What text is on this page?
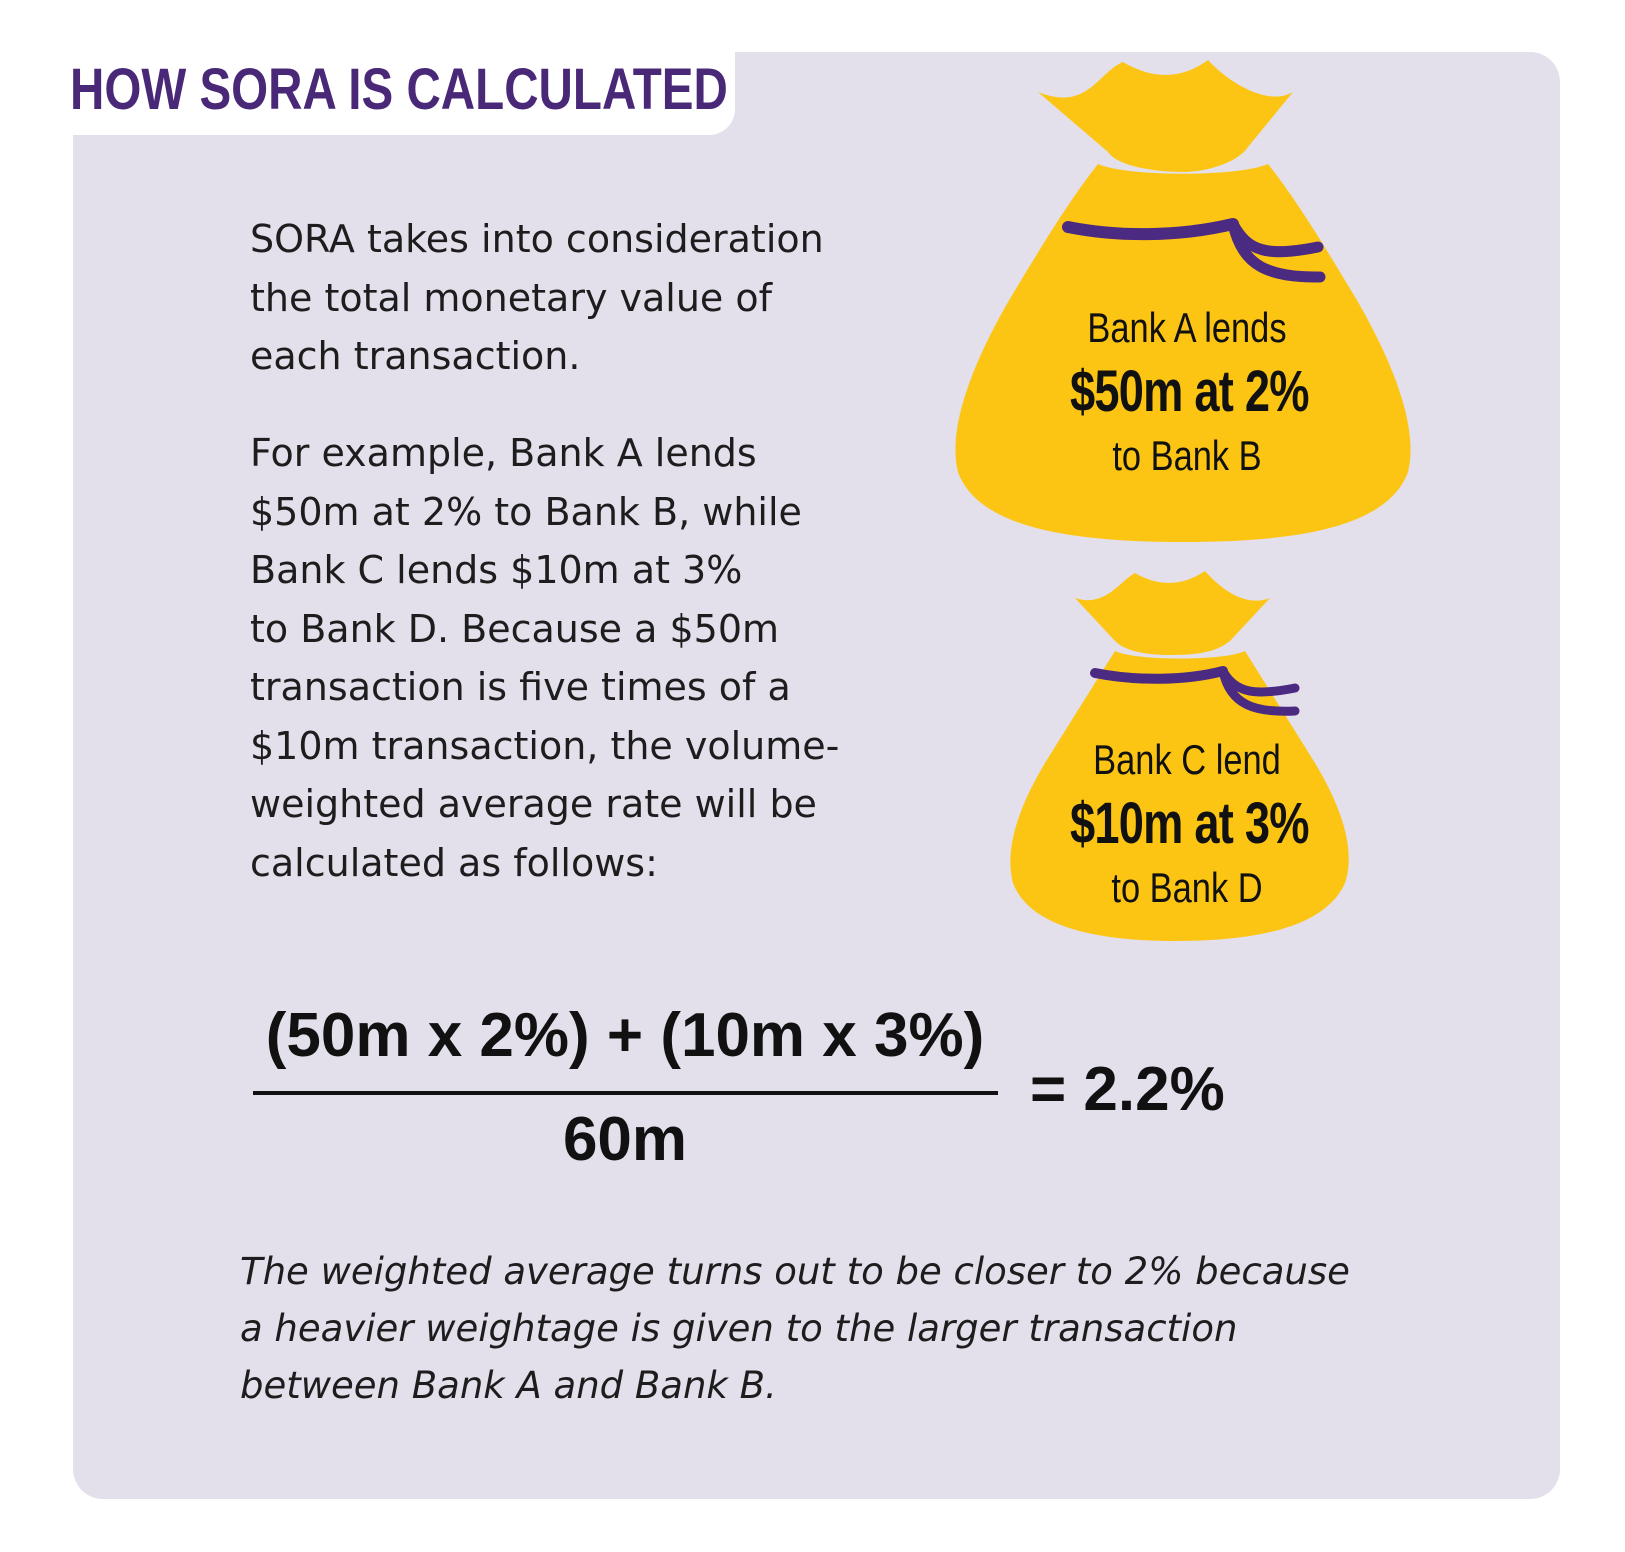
HOW SORA IS CALCULATED
SORA takes into consideration
the total monetary value of
each transaction.
For example, Bank A lends
$50m at 2% to Bank B, while
Bank C lends $10m at 3%
to Bank D. Because a $50m
transaction is five times of a
$10m transaction, the volume-
weighted average rate will be
calculated as follows:
Bank A lends
$50m at 2%
to Bank B
Bank C lend
$10m at 3%
to Bank D
(50m x 2%) + (10m x 3%)
60m
= 2.2%
The weighted average turns out to be closer to 2% because
a heavier weightage is given to the larger transaction
between Bank A and Bank B.
